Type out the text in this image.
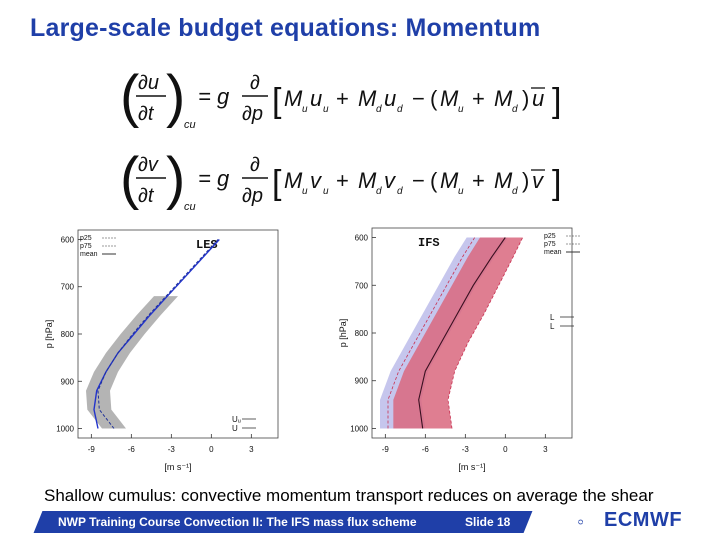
Large-scale budget equations: Momentum
(
∂u
∂t )
cu
= g
∂
∂p [ M u u u + M d u d − ( M u + M d ) u ]
(
∂v
∂t )
cu
= g
∂
∂p [ M u v u + M d v d − ( M u + M d ) v ]
600
700
800
900
1000
-9	-6	-3	0	3
[m s⁻¹]
p [hPa]
LES
p25
p75
mean
Uᵤ
U
600
700
800
900
1000
-9	-6	-3	0	3
[m s⁻¹]
p [hPa]
IFS	p25
p75
mean
L
L
Shallow cumulus: convective momentum transport reduces on average the shear
NWP Training Course Convection II: The IFS mass flux scheme	Slide 18	ECMWF
